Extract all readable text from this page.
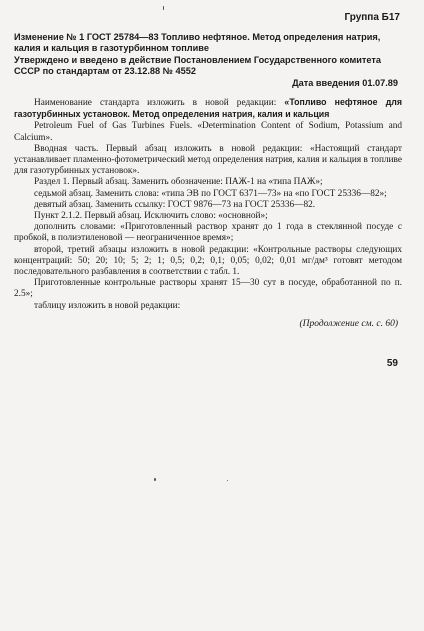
Группа Б17
Изменение № 1 ГОСТ 25784—83 Топливо нефтяное. Метод определения натрия, калия и кальция в газотурбинном топливе
Утверждено и введено в действие Постановлением Государственного комитета СССР по стандартам от 23.12.88 № 4552
Дата введения 01.07.89

Наименование стандарта изложить в новой редакции: «Топливо нефтяное для газотурбинных установок. Метод определения натрия, калия и кальция

Petroleum Fuel of Gas Turbines Fuels. «Determination Content of Sodium, Potassium and Calcium».

Вводная часть. Первый абзац изложить в новой редакции: «Настоящий стандарт устанавливает пламенно-фотометрический метод определения натрия, калия и кальция в топливе для газотурбинных установок».

Раздел 1. Первый абзац. Заменить обозначение: ПАЖ-1 на «типа ПАЖ»;

седьмой абзац. Заменить слова: «типа ЭВ по ГОСТ 6371—73» на «по ГОСТ 25336—82»;

девятый абзац. Заменить ссылку: ГОСТ 9876—73 на ГОСТ 25336—82.

Пункт 2.1.2. Первый абзац. Исключить слово: «основной»;

дополнить словами: «Приготовленный раствор хранят до 1 года в стеклянной посуде с пробкой, в полиэтиленовой — неограниченное время»;

второй, третий абзацы изложить в новой редакции: «Контрольные растворы следующих концентраций: 50; 20; 10; 5; 2; 1; 0,5; 0,2; 0,1; 0,05; 0,02; 0,01 мг/дм³ готовят методом последовательного разбавления в соответствии с табл. 1.

Приготовленные контрольные растворы хранят 15—30 сут в посуде, обработанной по п. 2.5»;

таблицу изложить в новой редакции:

(Продолжение см. с. 60)
59
